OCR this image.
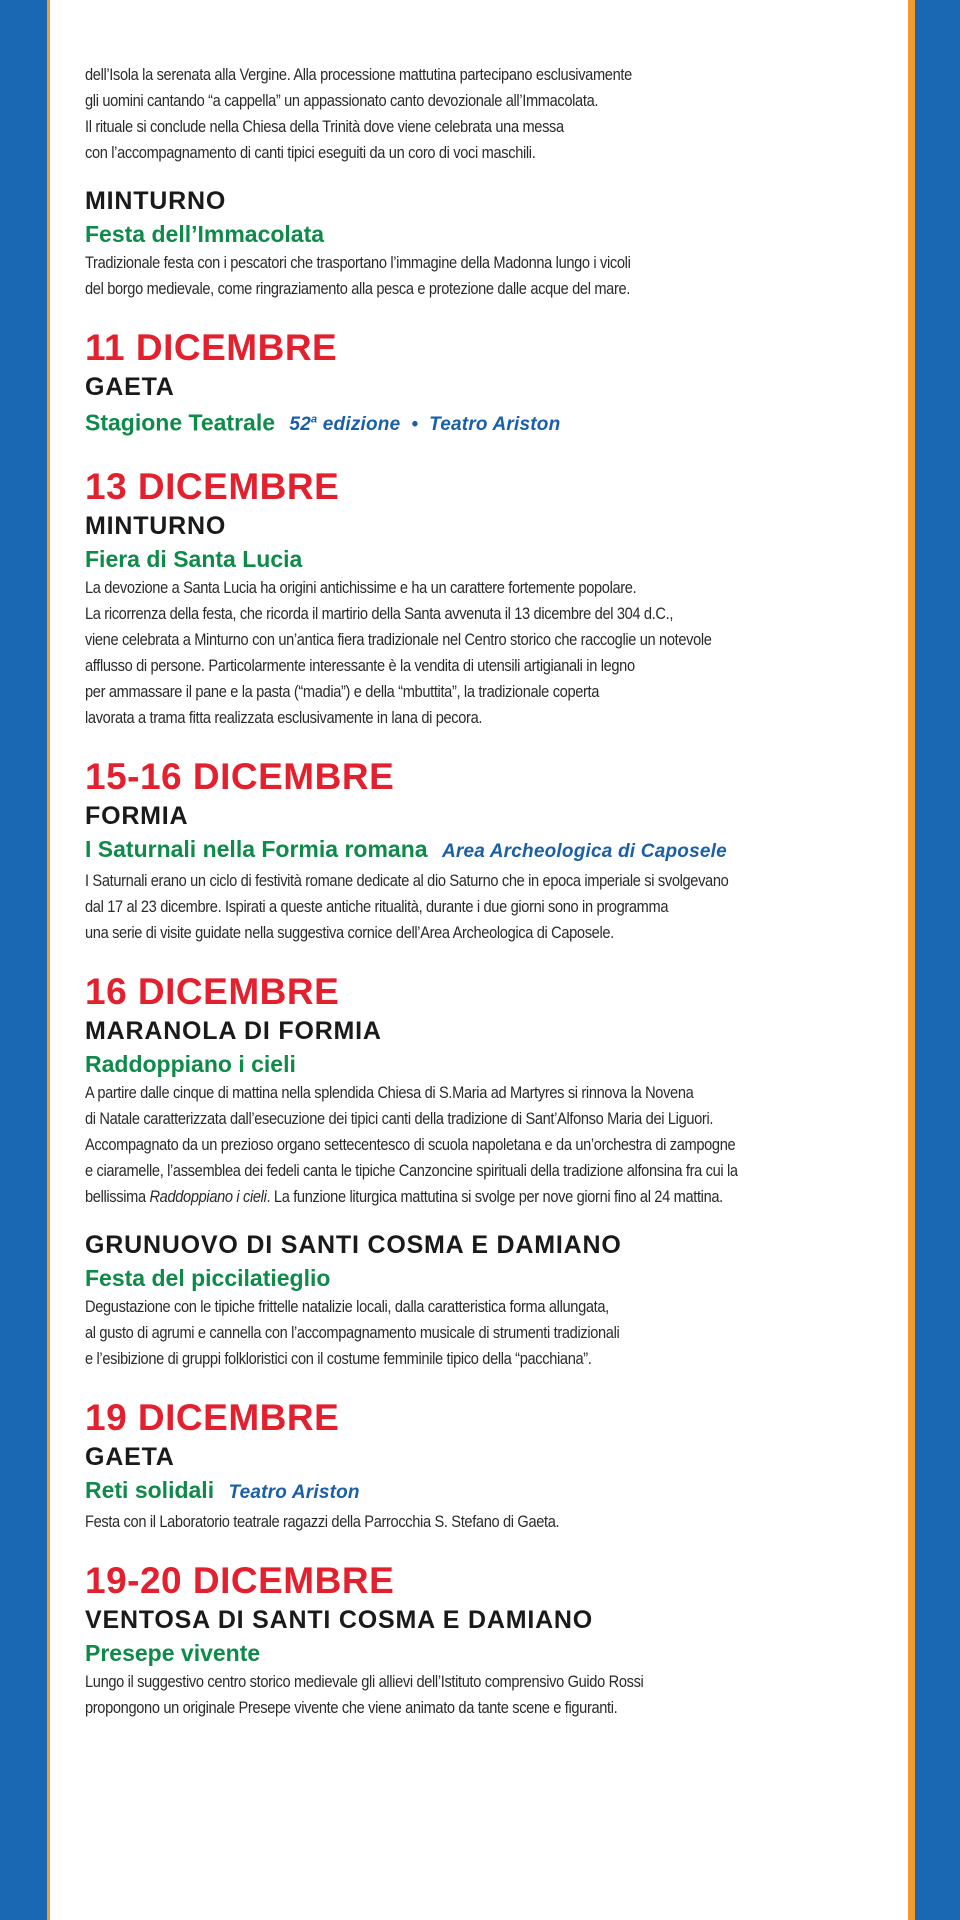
dell’Isola la serenata alla Vergine. Alla processione mattutina partecipano esclusivamente
gli uomini cantando “a cappella” un appassionato canto devozionale all’Immacolata.
Il rituale si conclude nella Chiesa della Trinità dove viene celebrata una messa
con l’accompagnamento di canti tipici eseguiti da un coro di voci maschili.

MINTURNO
Festa dell’Immacolata

Tradizionale festa con i pescatori che trasportano l’immagine della Madonna lungo i vicoli
del borgo medievale, come ringraziamento alla pesca e protezione dalle acque del mare.

11 DICEMBRE
GAETA
Stagione Teatrale 52$^a$ edizione  •  Teatro Ariston
13 DICEMBRE
MINTURNO
Fiera di Santa Lucia

La devozione a Santa Lucia ha origini antichissime e ha un carattere fortemente popolare.
La ricorrenza della festa, che ricorda il martirio della Santa avvenuta il 13 dicembre del 304 d.C.,
viene celebrata a Minturno con un’antica fiera tradizionale nel Centro storico che raccoglie un notevole
afflusso di persone. Particolarmente interessante è la vendita di utensili artigianali in legno
per ammassare il pane e la pasta (“madia”) e della “mbuttita”, la tradizionale coperta
lavorata a trama fitta realizzata esclusivamente in lana di pecora.

15-16 DICEMBRE
FORMIA
I Saturnali nella Formia romana Area Archeologica di Caposele

I Saturnali erano un ciclo di festività romane dedicate al dio Saturno che in epoca imperiale si svolgevano
dal 17 al 23 dicembre. Ispirati a queste antiche ritualità, durante i due giorni sono in programma
una serie di visite guidate nella suggestiva cornice dell’Area Archeologica di Caposele.

16 DICEMBRE
MARANOLA DI FORMIA
Raddoppiano i cieli

A partire dalle cinque di mattina nella splendida Chiesa di S.Maria ad Martyres si rinnova la Novena
di Natale caratterizzata dall’esecuzione dei tipici canti della tradizione di Sant’Alfonso Maria dei Liguori.
Accompagnato da un prezioso organo settecentesco di scuola napoletana e da un’orchestra di zampogne
e ciaramelle, l’assemblea dei fedeli canta le tipiche Canzoncine spirituali della tradizione alfonsina fra cui la
bellissima Raddoppiano i cieli. La funzione liturgica mattutina si svolge per nove giorni fino al 24 mattina.

GRUNUOVO DI SANTI COSMA E DAMIANO
Festa del piccilatieglio

Degustazione con le tipiche frittelle natalizie locali, dalla caratteristica forma allungata,
al gusto di agrumi e cannella con l’accompagnamento musicale di strumenti tradizionali
e l’esibizione di gruppi folkloristici con il costume femminile tipico della “pacchiana”.

19 DICEMBRE
GAETA
Reti solidali Teatro Ariston

Festa con il Laboratorio teatrale ragazzi della Parrocchia S. Stefano di Gaeta.

19-20 DICEMBRE
VENTOSA DI SANTI COSMA E DAMIANO
Presepe vivente

Lungo il suggestivo centro storico medievale gli allievi dell’Istituto comprensivo Guido Rossi
propongono un originale Presepe vivente che viene animato da tante scene e figuranti.
